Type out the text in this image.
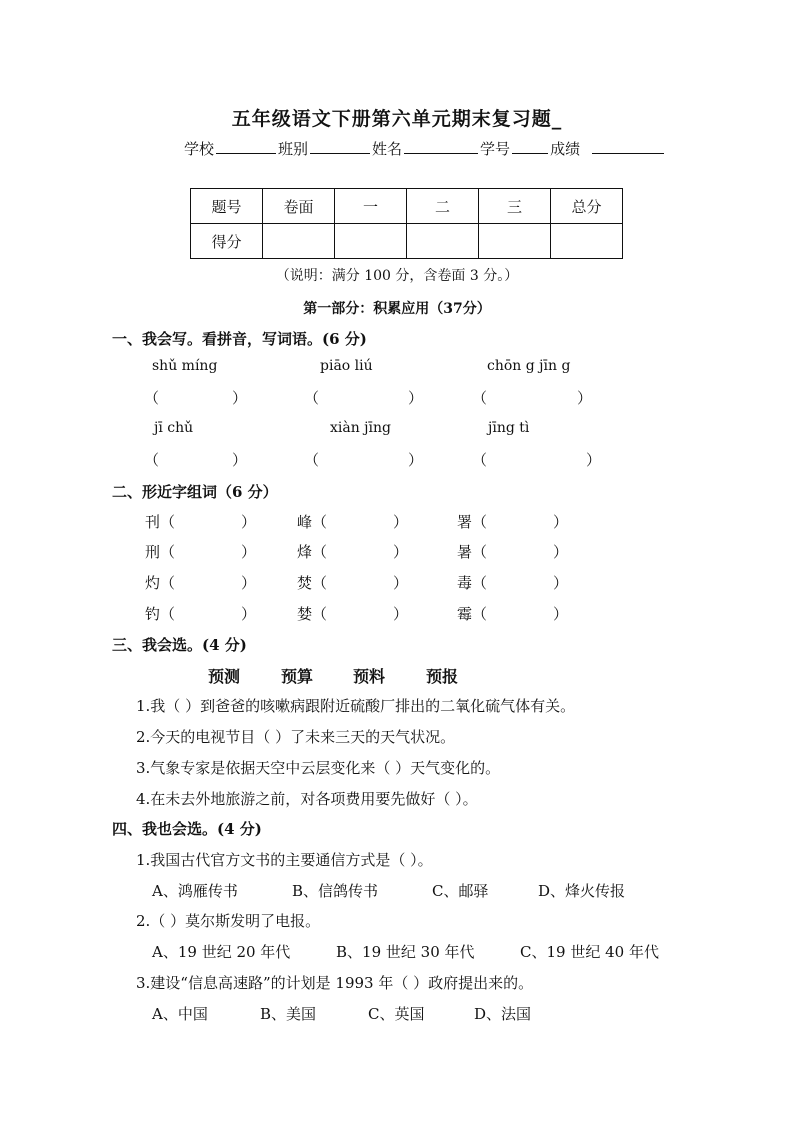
五年级语文下册第六单元期末复习题_
学校	班别	姓名	学号	成绩
题号	卷面	一	二	三	总分
得分					
（说明：满分 100 分，含卷面 3 分。）
第一部分：积累应用（37分）
一、我会写。看拼音，写词语。(6 分)
shǔ míng	piāo liú	chōn g jīn g
（	）	（	）	（	）
jī chǔ	xiàn jīng	jīng tì
（	）	（	）	（	）
二、形近字组词（6 分）
刊（	）	峰（	）	署（	）
刑（	）	烽（	）	暑（	）
灼（	）	焚（	）	毒（	）
钓（	）	婪（	）	霉（	）
三、我会选。(4 分)
预测	预算 预料	预报
1.我（ ）到爸爸的咳嗽病跟附近硫酸厂排出的二氧化硫气体有关。
2.今天的电视节目（ ）了未来三天的天气状况。
3.气象专家是依据天空中云层变化来（ ）天气变化的。
4.在未去外地旅游之前，对各项费用要先做好（ ）。
四、我也会选。(4 分)
1.我国古代官方文书的主要通信方式是（ ）。
A、鸿雁传书	B、信鸽传书	C、邮驿	D、烽火传报
2.（ ）莫尔斯发明了电报。
A、19 世纪 20 年代	B、19 世纪 30 年代	C、19 世纪 40 年代
3.建设“信息高速路”的计划是 1993 年（ ）政府提出来的。
A、中国	B、美国	C、英国	D、法国
